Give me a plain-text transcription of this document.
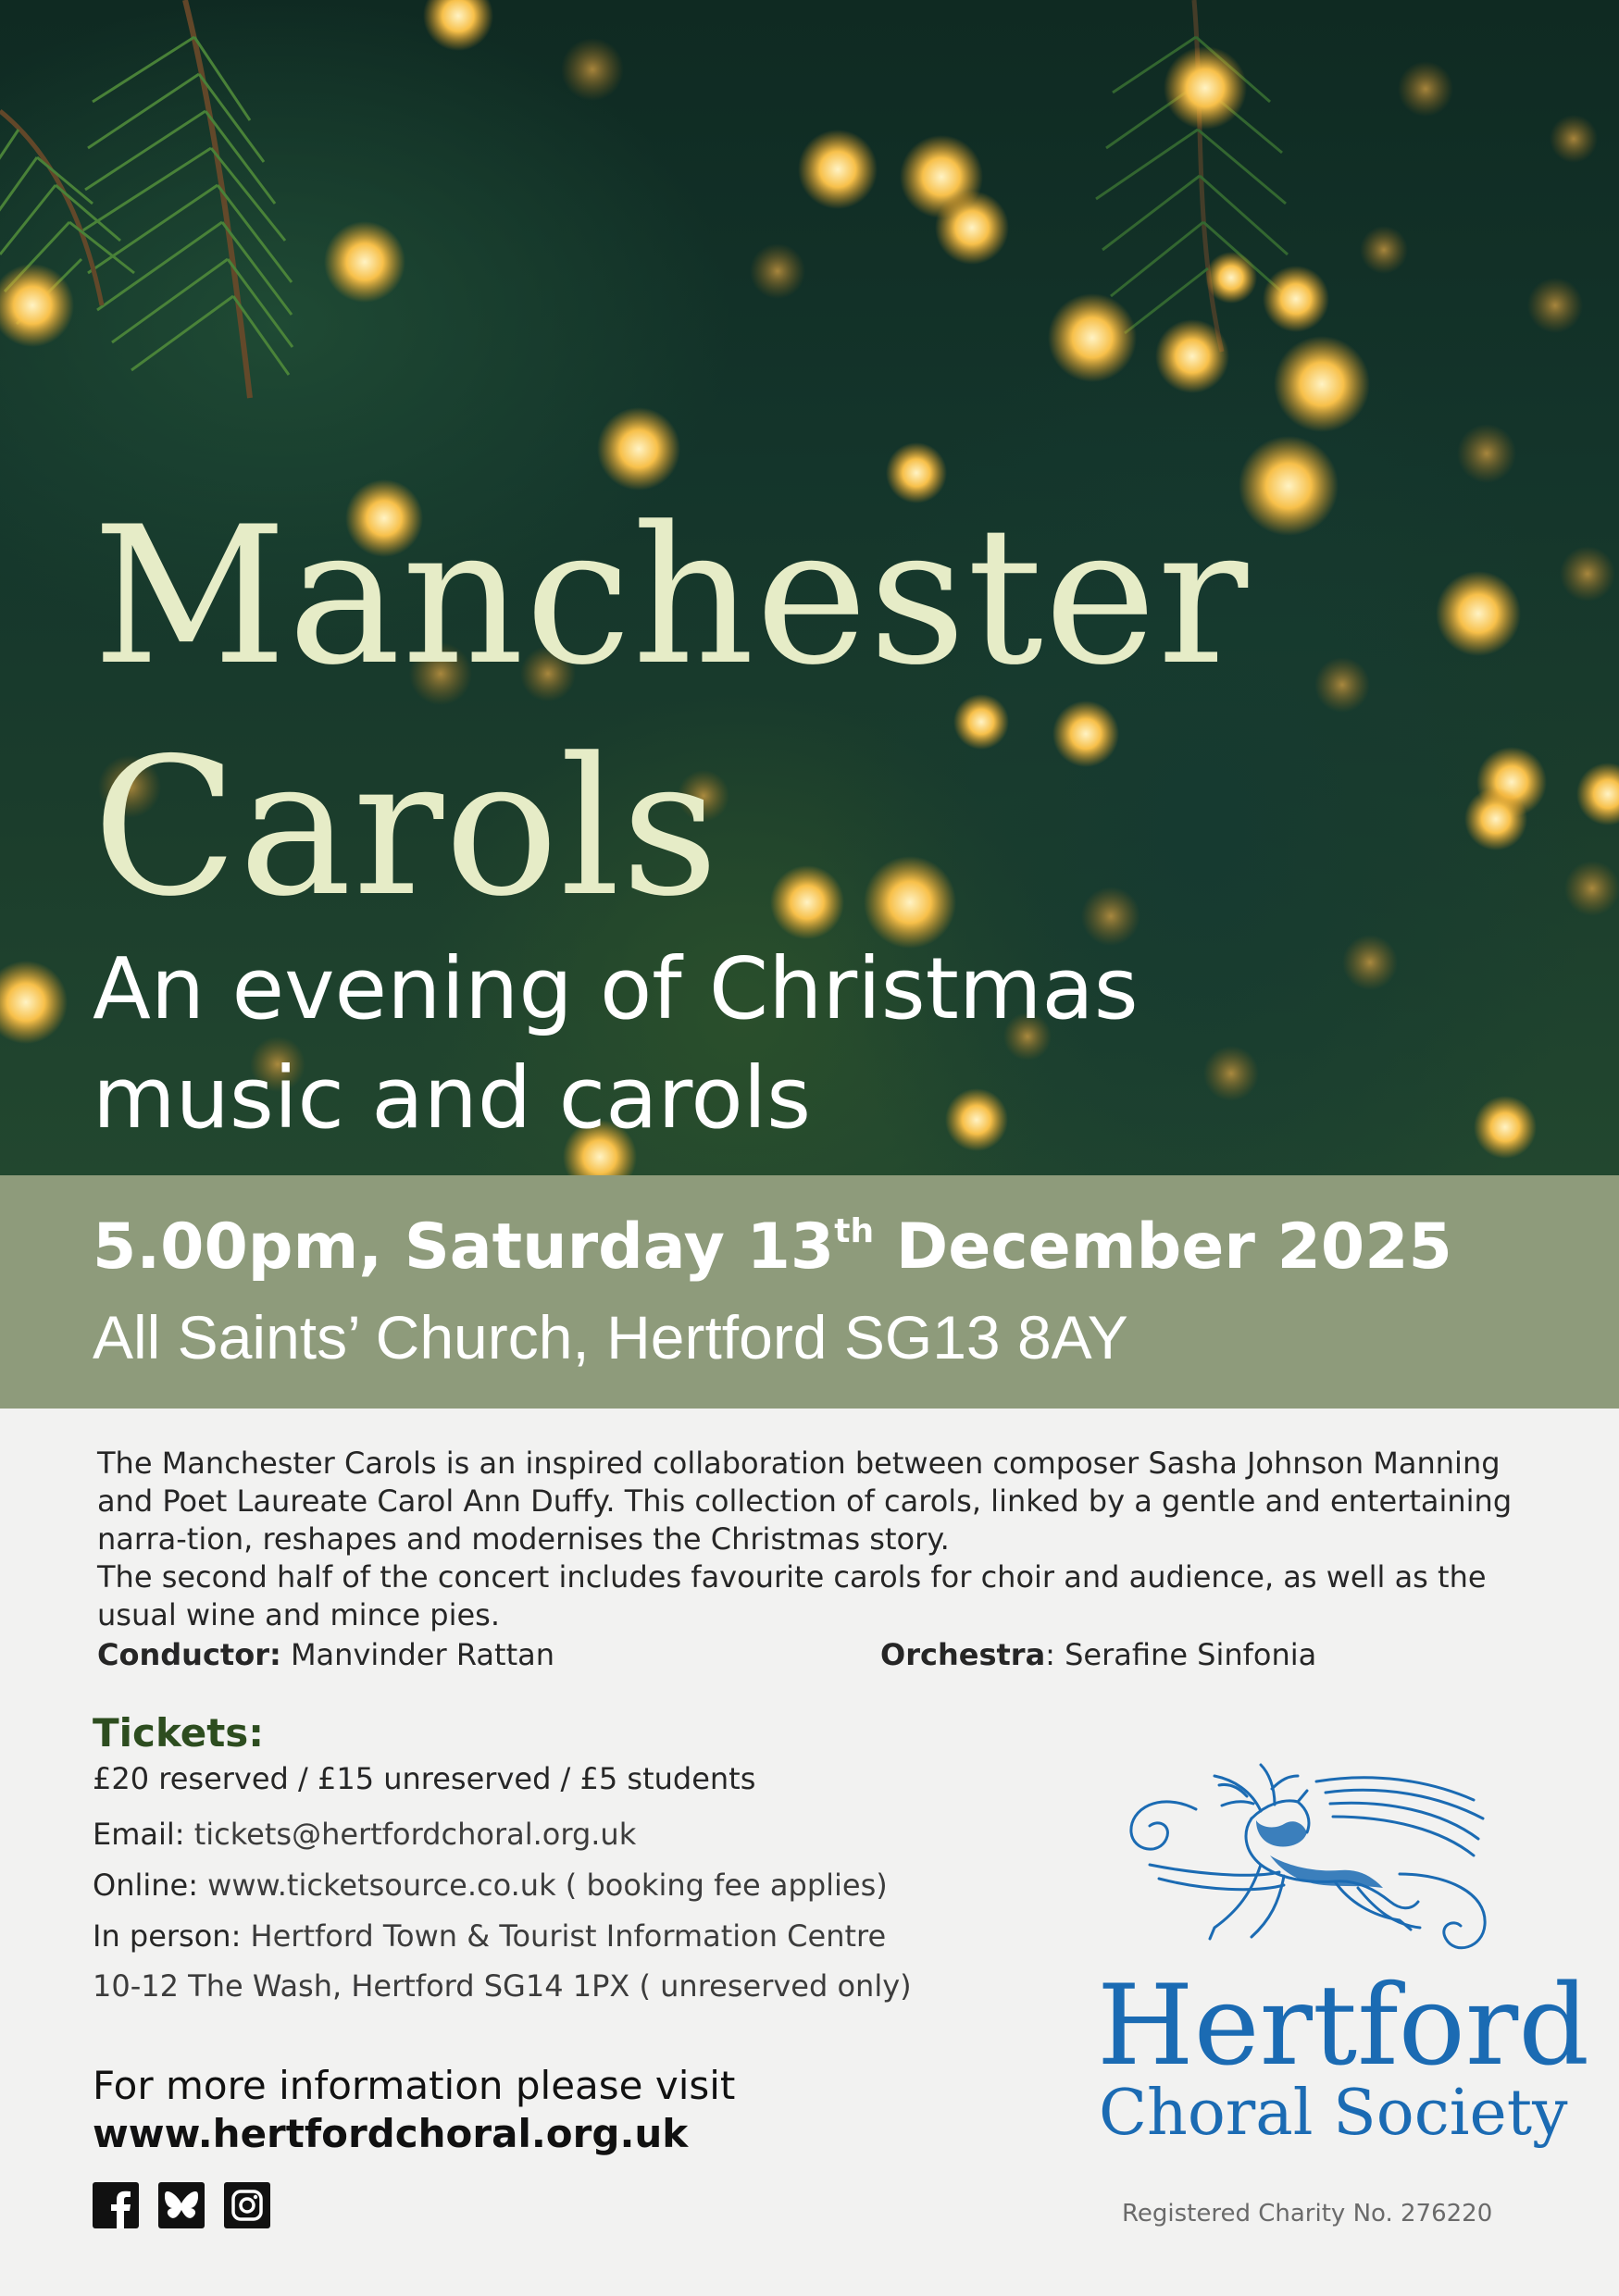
Manchester
Carols
An evening of Christmas
music and carols
5.00pm, Saturday 13th December 2025
All Saints’ Church, Hertford SG13 8AY

The Manchester Carols is an inspired collaboration between composer Sasha Johnson Manning and Poet Laureate Carol Ann Duffy. This collection of carols, linked by a gentle and entertaining narra-tion, reshapes and modernises the Christmas story.

The second half of the concert includes favourite carols for choir and audience, as well as the usual wine and mince pies.

Conductor: Manvinder Rattan	Orchestra: Serafine Sinfonia
Tickets:
£20 reserved / £15 unreserved / £5 students
Email: tickets@hertfordchoral.org.uk
Online: www.ticketsource.co.uk ( booking fee applies)
In person: Hertford Town & Tourist Information Centre
10-12 The Wash, Hertford SG14 1PX ( unreserved only)
For more information please visit
www.hertfordchoral.org.uk
Hertford
Choral Society
Registered Charity No. 276220
